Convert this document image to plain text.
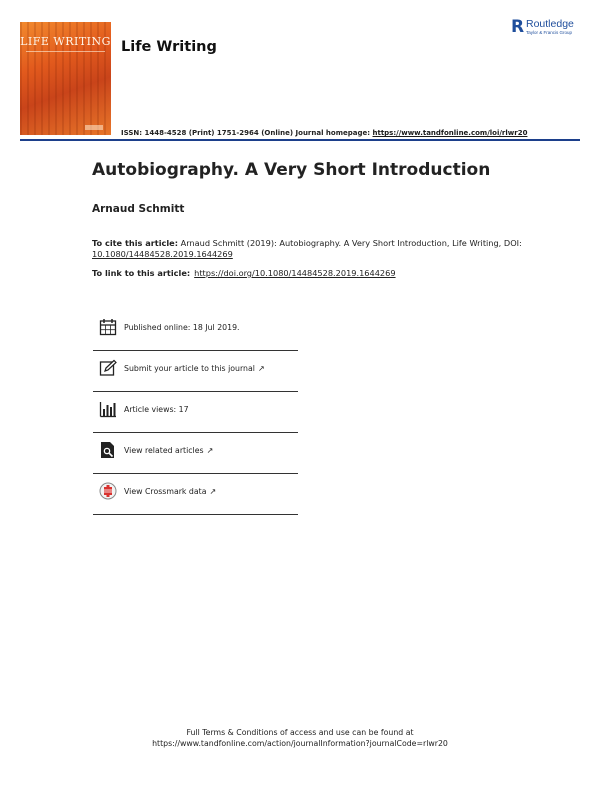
LIFE WRITING Life Writing
R Routledge
Taylor & Francis Group
ISSN: 1448-4528 (Print) 1751-2964 (Online) Journal homepage: https://www.tandfonline.com/loi/rlwr20
Autobiography. A Very Short Introduction
Arnaud Schmitt
To cite this article: Arnaud Schmitt (2019): Autobiography. A Very Short Introduction, Life Writing, DOI: 10.1080/14484528.2019.1644269
To link to this article: https://doi.org/10.1080/14484528.2019.1644269
Published online: 18 Jul 2019.
Submit your article to this journal ↗
Article views: 17
View related articles ↗
View Crossmark data ↗
Full Terms & Conditions of access and use can be found at
https://www.tandfonline.com/action/journalInformation?journalCode=rlwr20
